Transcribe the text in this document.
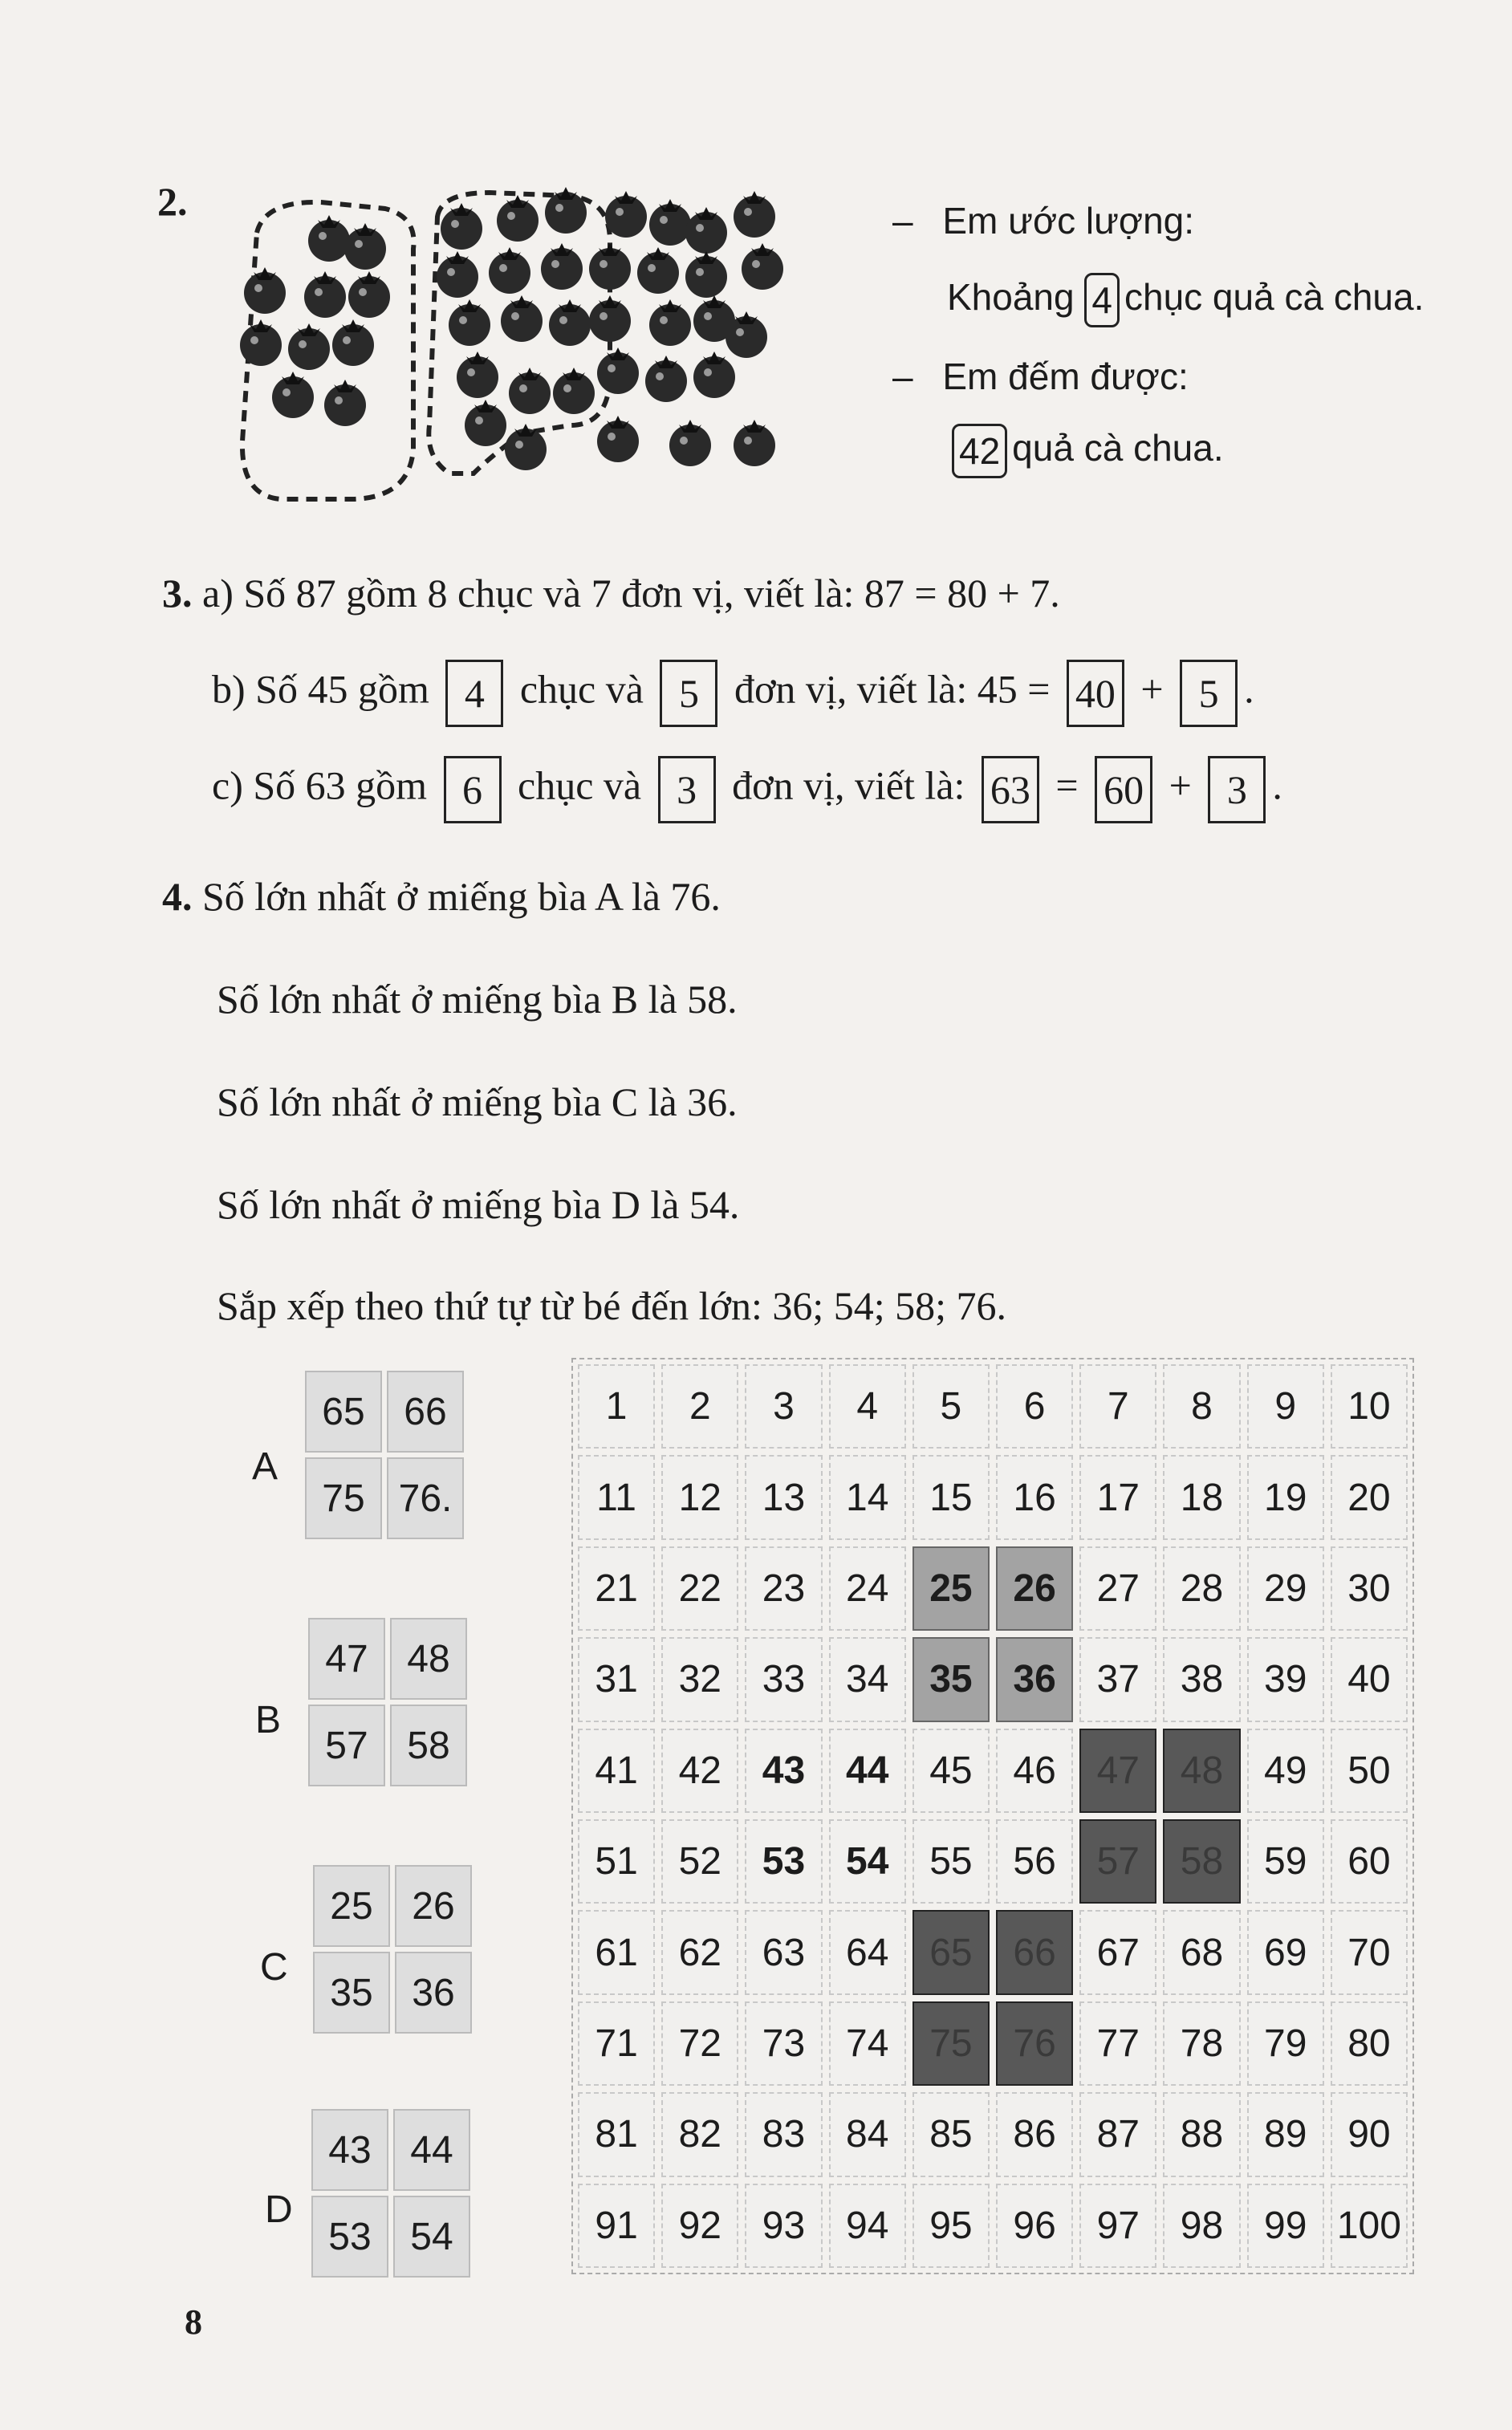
2.	– Em ước lượng:
Khoảng 4 chục quả cà chua.
– Em đếm được:
42 quả cà chua.
3. a) Số 87 gồm 8 chục và 7 đơn vị, viết là: 87 = 80 + 7.
b) Số 45 gồm 4 chục và 5 đơn vị, viết là: 45 = 40 + 5 .
c) Số 63 gồm 6 chục và 3 đơn vị, viết là: 63 = 60 + 3 .
4. Số lớn nhất ở miếng bìa A là 76.
Số lớn nhất ở miếng bìa B là 58.
Số lớn nhất ở miếng bìa C là 36.
Số lớn nhất ở miếng bìa D là 54.
Sắp xếp theo thứ tự từ bé đến lớn: 36; 54; 58; 76.
A
65	66
75 76.
B
47	48
57	58
C
25	26
35	36
D
43	44
53	54
1	2	3	4	5	6	7	8	9	10
11	12	13	14	15	16	17	18	19	20
21	22	23	24	25	26	27	28	29	30
31	32	33	34	35	36	37	38	39	40
41	42	43	44	45	46	47	48	49	50
51	52	53	54	55	56	57	58	59	60
61	62	63	64	65	66	67	68	69	70
71	72	73	74	75	76	77	78	79	80
81	82	83	84	85	86	87	88	89	90
91	92	93	94	95	96	97	98	99 100
8
